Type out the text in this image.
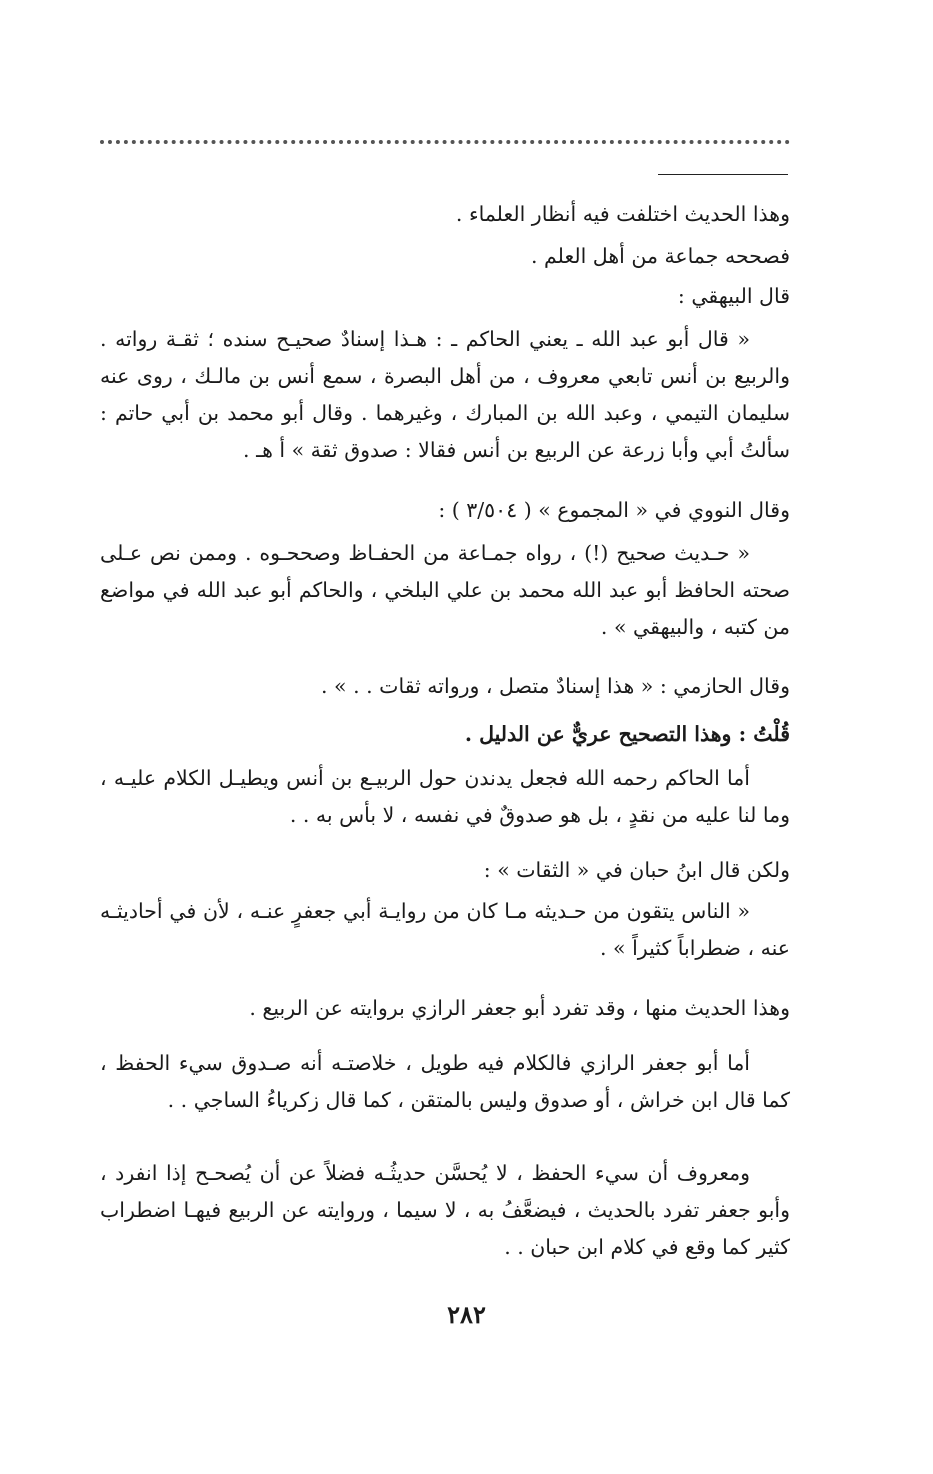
وهذا الحديث اختلفت فيه أنظار العلماء .

فصححه جماعة من أهل العلم .

قال البيهقي :

« قال أبو عبد الله ـ يعني الحاكم ـ : هـذا إسنادٌ صحيـح سنده ؛ ثقـة رواته . والربيع بن أنس تابعي معروف ، من أهل البصرة ، سمع أنس بن مالـك ، روى عنه سليمان التيمي ، وعبد الله بن المبارك ، وغيرهما . وقال أبو محمد بن أبي حاتم : سألتُ أبي وأبا زرعة عن الربيع بن أنس فقالا : صدوق ثقة » أ هـ .

وقال النووي في « المجموع » ( ٣/٥٠٤ ) :

« حـديث صحيح (!) ، رواه جمـاعة من الحفـاظ وصححـوه . وممن نص عـلى صحته الحافظ أبو عبد الله محمد بن علي البلخي ، والحاكم أبو عبد الله في مواضع من كتبه ، والبيهقي » .

وقال الحازمي : « هذا إسنادٌ متصل ، ورواته ثقات . . » .

قُلْتُ : وهذا التصحيح عريٌّ عن الدليل .

أما الحاكم رحمه الله فجعل يدندن حول الربيـع بن أنس ويطيـل الكلام عليـه ، وما لنا عليه من نقدٍ ، بل هو صدوقٌ في نفسه ، لا بأس به . .

ولكن قال ابنُ حبان في « الثقات » :

« الناس يتقون من حـديثه مـا كان من روايـة أبي جعفرٍ عنـه ، لأن في أحاديثـه عنه ، ضطراباً كثيراً » .

وهذا الحديث منها ، وقد تفرد أبو جعفر الرازي بروايته عن الربيع .

أما أبو جعفر الرازي فالكلام فيه طويل ، خلاصتـه أنه صـدوق سيء الحفظ ، كما قال ابن خراش ، أو صدوق وليس بالمتقن ، كما قال زكرياءُ الساجي . .

ومعروف أن سيء الحفظ ، لا يُحسَّن حديثُـه فضلاً عن أن يُصحـح إذا انفرد ، وأبو جعفر تفرد بالحديث ، فيضعَّفُ به ، لا سيما ، وروايته عن الربيع فيهـا اضطراب كثير كما وقع في كلام ابن حبان . .

٢٨٢
